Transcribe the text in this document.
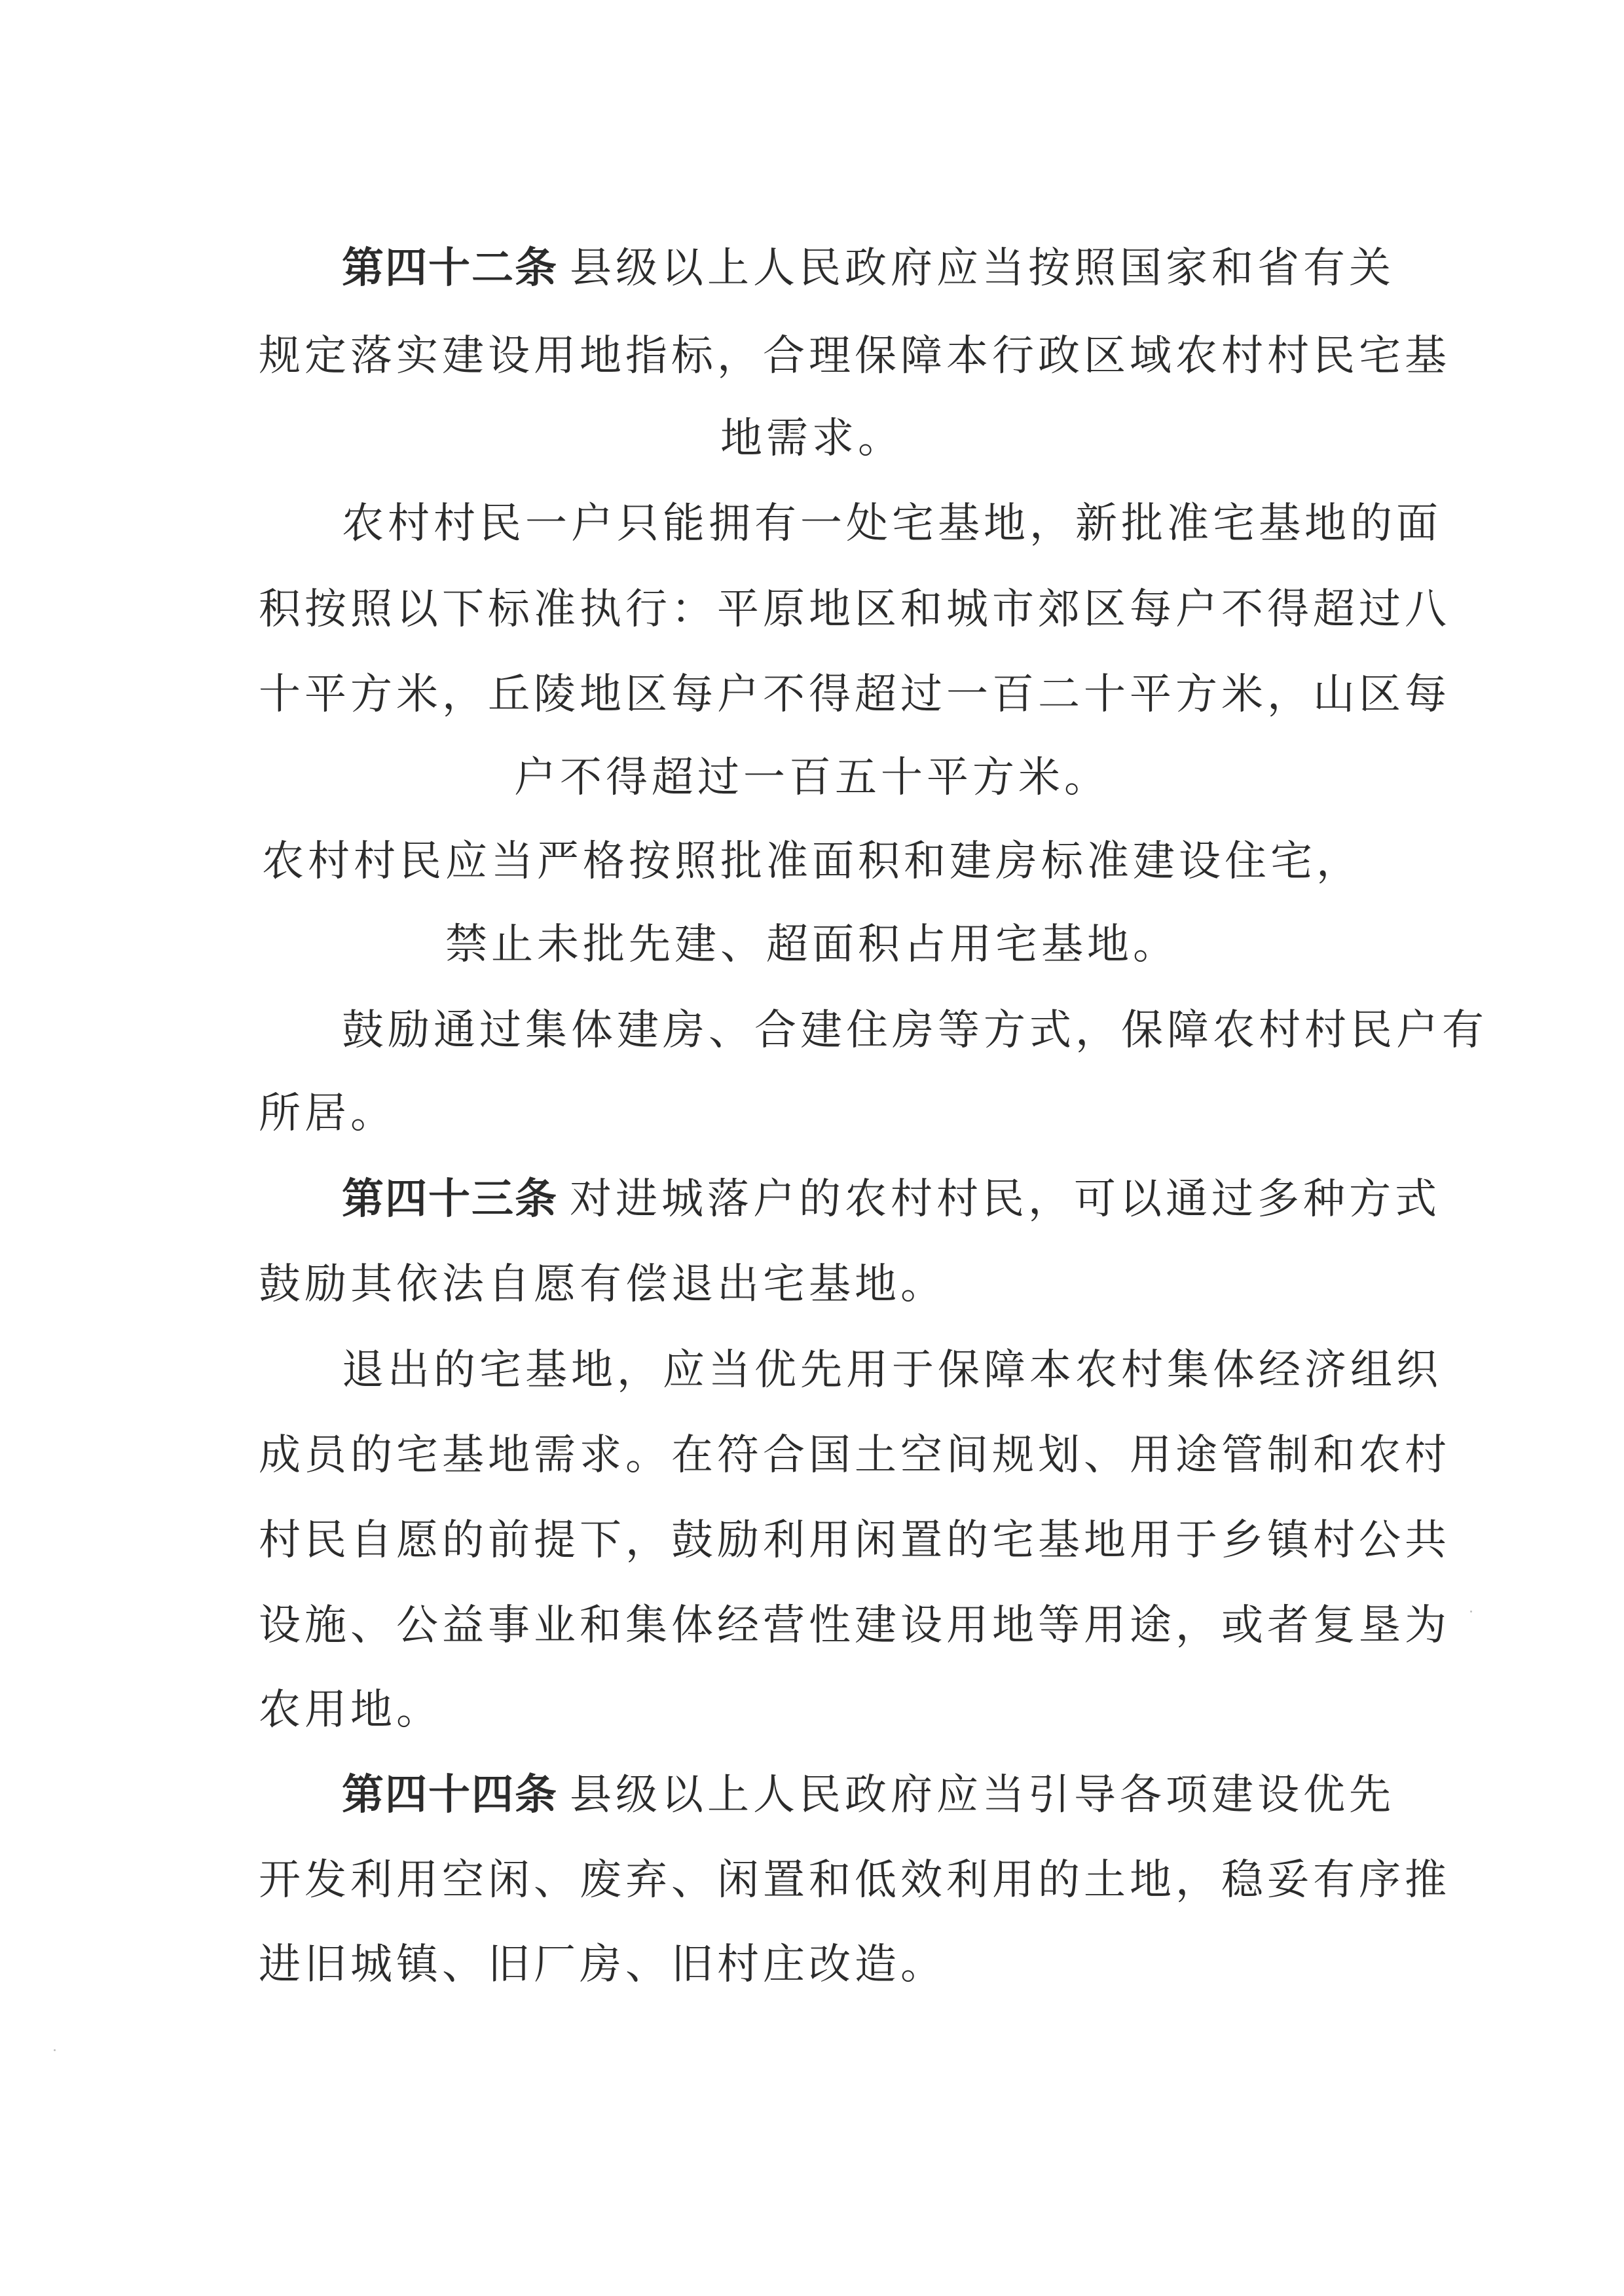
第四十二条 县级以上人民政府应当按照国家和省有关
规定落实建设用地指标，合理保障本行政区域农村村民宅基
地需求。
农村村民一户只能拥有一处宅基地，新批准宅基地的面
积按照以下标准执行：平原地区和城市郊区每户不得超过八
十平方米，丘陵地区每户不得超过一百二十平方米，山区每
户不得超过一百五十平方米。
农村村民应当严格按照批准面积和建房标准建设住宅，
禁止未批先建、超面积占用宅基地。
鼓励通过集体建房、合建住房等方式，保障农村村民户有
所居。
第四十三条 对进城落户的农村村民，可以通过多种方式
鼓励其依法自愿有偿退出宅基地。
退出的宅基地，应当优先用于保障本农村集体经济组织
成员的宅基地需求。在符合国土空间规划、用途管制和农村
村民自愿的前提下，鼓励利用闲置的宅基地用于乡镇村公共
设施、公益事业和集体经营性建设用地等用途，或者复垦为
农用地。
第四十四条 县级以上人民政府应当引导各项建设优先
开发利用空闲、废弃、闲置和低效利用的土地，稳妥有序推
进旧城镇、旧厂房、旧村庄改造。
